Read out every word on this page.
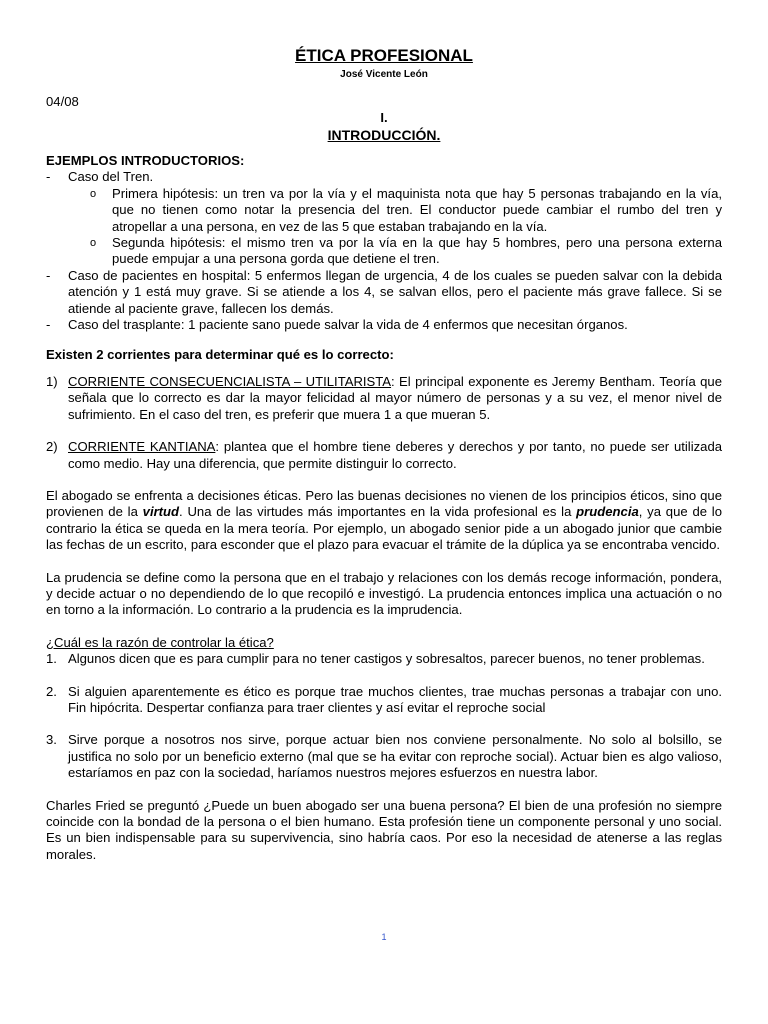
ÉTICA PROFESIONAL
José Vicente León
04/08
I.
INTRODUCCIÓN.
EJEMPLOS INTRODUCTORIOS:
-	Caso del Tren.
o	Primera hipótesis: un tren va por la vía y el maquinista nota que hay 5 personas trabajando en la vía, que no tienen como notar la presencia del tren. El conductor puede cambiar el rumbo del tren y atropellar a una persona, en vez de las 5 que estaban trabajando en la vía.
o	Segunda hipótesis: el mismo tren va por la vía en la que hay 5 hombres, pero una persona externa puede empujar a una persona gorda que detiene el tren.
-	Caso de pacientes en hospital: 5 enfermos llegan de urgencia, 4 de los cuales se pueden salvar con la debida atención y 1 está muy grave. Si se atiende a los 4, se salvan ellos, pero el paciente más grave fallece. Si se atiende al paciente grave, fallecen los demás.
-	Caso del trasplante: 1 paciente sano puede salvar la vida de 4 enfermos que necesitan órganos.
Existen 2 corrientes para determinar qué es lo correcto:
1) CORRIENTE CONSECUENCIALISTA – UTILITARISTA: El principal exponente es Jeremy Bentham. Teoría que señala que lo correcto es dar la mayor felicidad al mayor número de personas y a su vez, el menor nivel de sufrimiento. En el caso del tren, es preferir que muera 1 a que mueran 5.
2) CORRIENTE KANTIANA: plantea que el hombre tiene deberes y derechos y por tanto, no puede ser utilizada como medio. Hay una diferencia, que permite distinguir lo correcto.

El abogado se enfrenta a decisiones éticas. Pero las buenas decisiones no vienen de los principios éticos, sino que provienen de la virtud. Una de las virtudes más importantes en la vida profesional es la prudencia, ya que de lo contrario la ética se queda en la mera teoría. Por ejemplo, un abogado senior pide a un abogado junior que cambie las fechas de un escrito, para esconder que el plazo para evacuar el trámite de la dúplica ya se encontraba vencido.

La prudencia se define como la persona que en el trabajo y relaciones con los demás recoge información, pondera, y decide actuar o no dependiendo de lo que recopiló e investigó. La prudencia entonces implica una actuación o no en torno a la información. Lo contrario a la prudencia es la imprudencia.

¿Cuál es la razón de controlar la ética?
1. Algunos dicen que es para cumplir para no tener castigos y sobresaltos, parecer buenos, no tener problemas.
2. Si alguien aparentemente es ético es porque trae muchos clientes, trae muchas personas a trabajar con uno. Fin hipócrita. Despertar confianza para traer clientes y así evitar el reproche social
3. Sirve porque a nosotros nos sirve, porque actuar bien nos conviene personalmente. No solo al bolsillo, se justifica no solo por un beneficio externo (mal que se ha evitar con reproche social). Actuar bien es algo valioso, estaríamos en paz con la sociedad, haríamos nuestros mejores esfuerzos en nuestra labor.

Charles Fried se preguntó ¿Puede un buen abogado ser una buena persona? El bien de una profesión no siempre coincide con la bondad de la persona o el bien humano. Esta profesión tiene un componente personal y uno social. Es un bien indispensable para su supervivencia, sino habría caos. Por eso la necesidad de atenerse a las reglas morales.

1
